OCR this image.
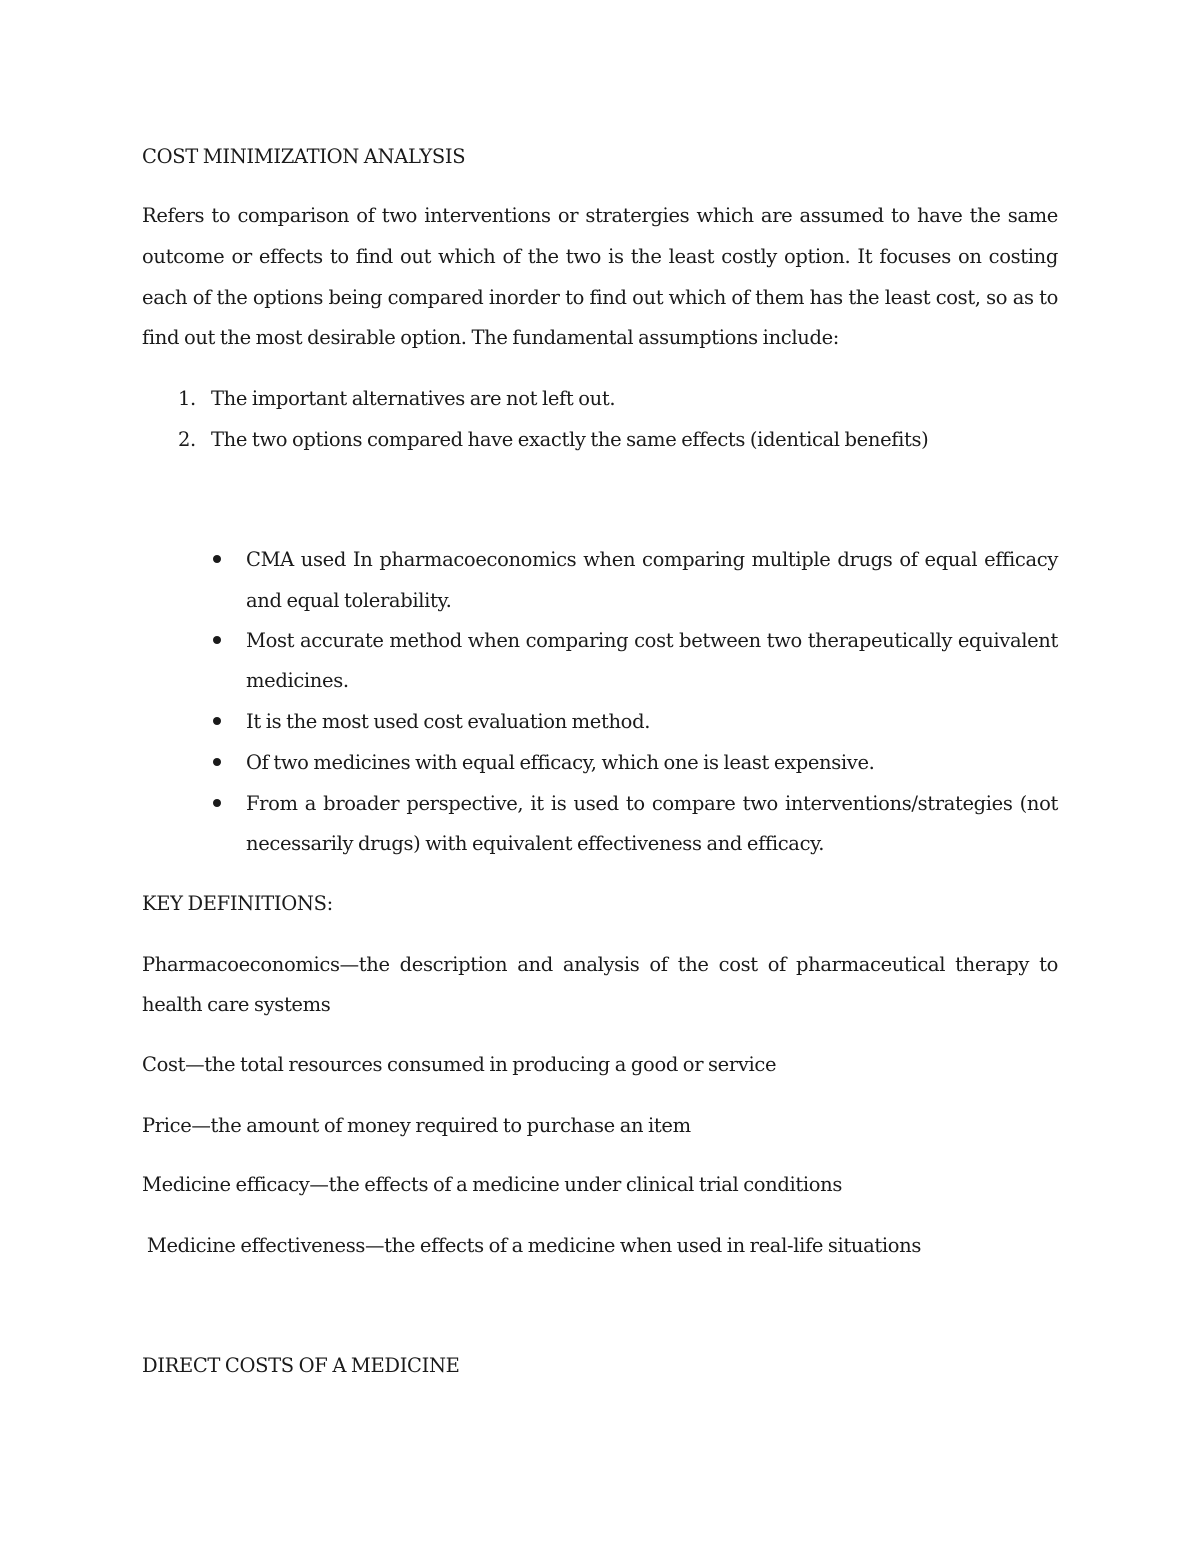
COST MINIMIZATION ANALYSIS
Refers to comparison of two interventions or stratergies which are assumed to have the same
outcome or effects to find out which of the two is the least costly option. It focuses on costing
each of the options being compared inorder to find out which of them has the least cost, so as to
find out the most desirable option. The fundamental assumptions include:
1. The important alternatives are not left out.
2. The two options compared have exactly the same effects (identical benefits)
CMA used In pharmacoeconomics when comparing multiple drugs of equal efficacy
and equal tolerability.
Most accurate method when comparing cost between two therapeutically equivalent
medicines.
It is the most used cost evaluation method.
Of two medicines with equal efficacy, which one is least expensive.
From a broader perspective, it is used to compare two interventions/strategies (not
necessarily drugs) with equivalent effectiveness and efficacy.
KEY DEFINITIONS:
Pharmacoeconomics—the description and analysis of the cost of pharmaceutical therapy to
health care systems
Cost—the total resources consumed in producing a good or service
Price—the amount of money required to purchase an item
Medicine efficacy—the effects of a medicine under clinical trial conditions
Medicine effectiveness—the effects of a medicine when used in real-life situations
DIRECT COSTS OF A MEDICINE
